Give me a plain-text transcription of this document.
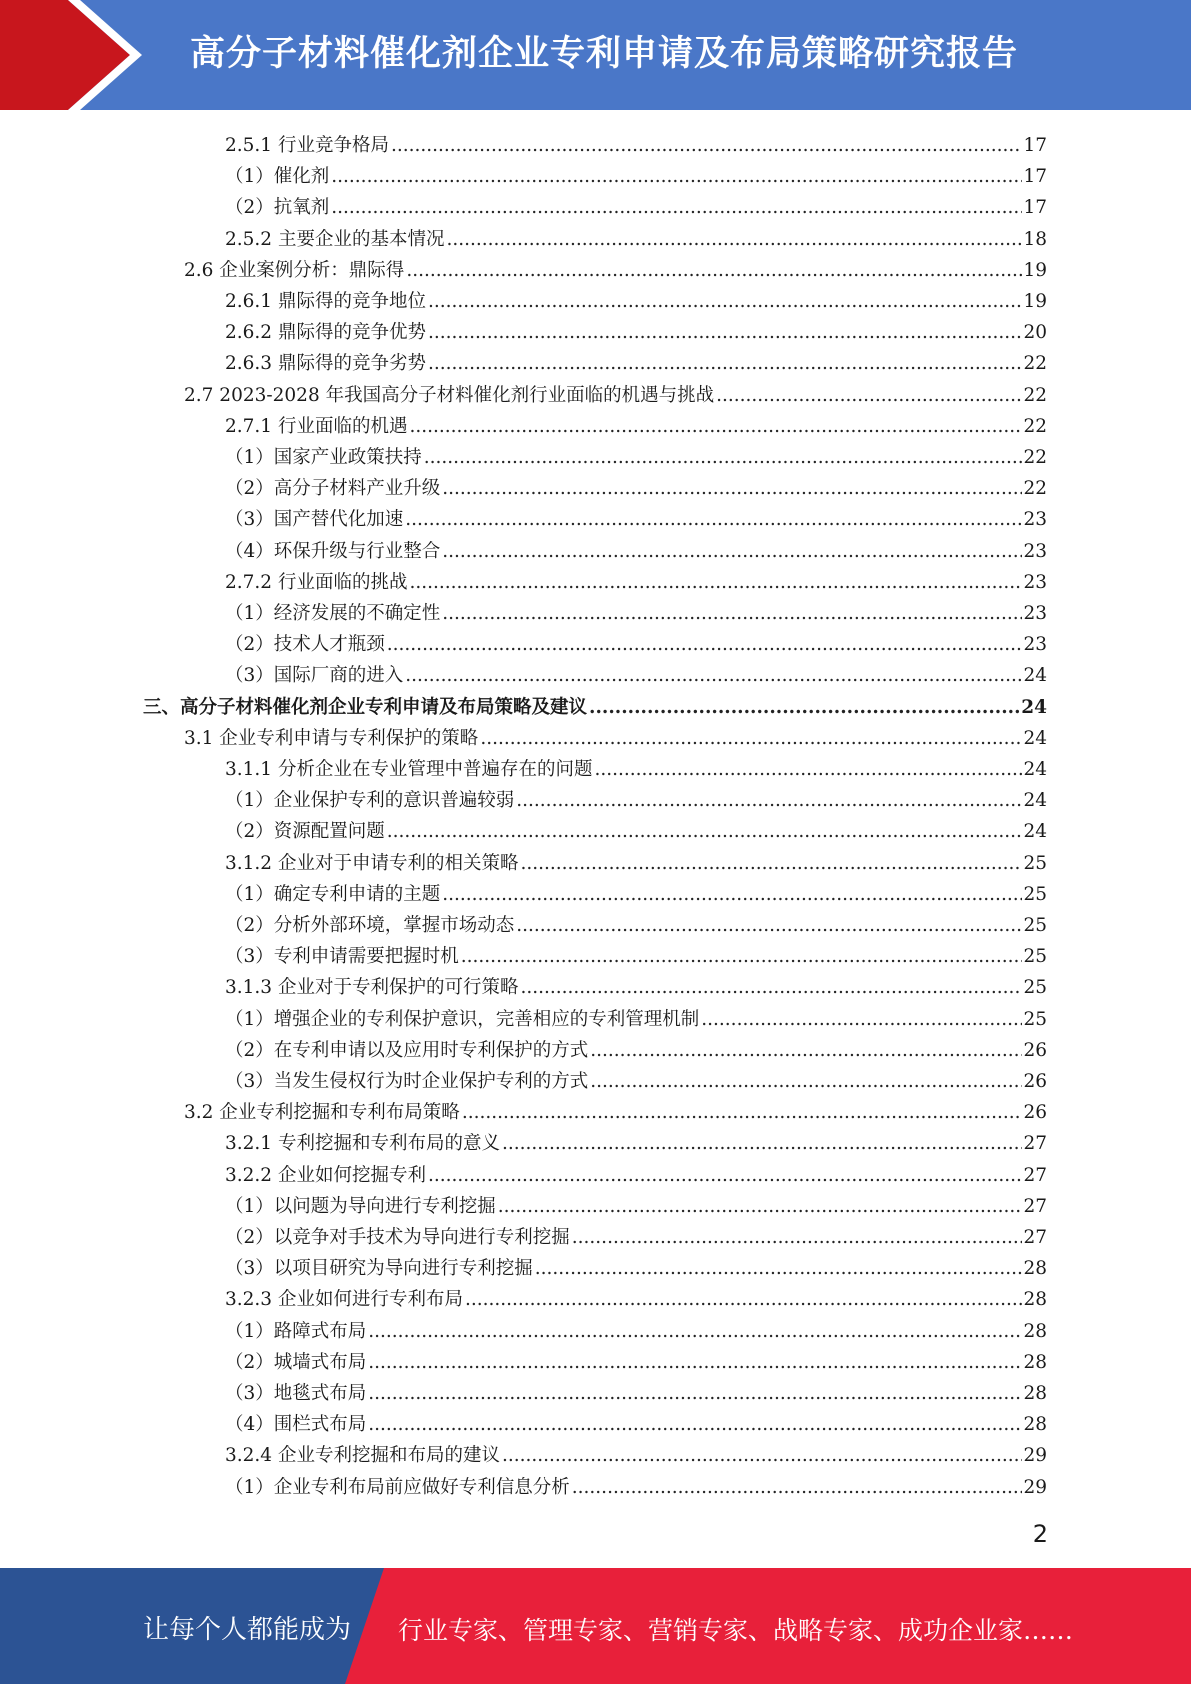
高分子材料催化剂企业专利申请及布局策略研究报告
2.5.1 行业竞争格局 .....	17
（1）催化剂 .....	17
（2）抗氧剂 .....	17
2.5.2 主要企业的基本情况 .....	18
2.6 企业案例分析：鼎际得 .....	19
2.6.1 鼎际得的竞争地位 .....	19
2.6.2 鼎际得的竞争优势 .....	20
2.6.3 鼎际得的竞争劣势 .....	22
2.7 2023-2028 年我国高分子材料催化剂行业面临的机遇与挑战 .....	22
2.7.1 行业面临的机遇 .....	22
（1）国家产业政策扶持 .....	22
（2）高分子材料产业升级 .....	22
（3）国产替代化加速 .....	23
（4）环保升级与行业整合 .....	23
2.7.2 行业面临的挑战 .....	23
（1）经济发展的不确定性 .....	23
（2）技术人才瓶颈 .....	23
（3）国际厂商的进入 .....	24
三、高分子材料催化剂企业专利申请及布局策略及建议 .....	24
3.1 企业专利申请与专利保护的策略 .....	24
3.1.1 分析企业在专业管理中普遍存在的问题 .....	24
（1）企业保护专利的意识普遍较弱 .....	24
（2）资源配置问题 .....	24
3.1.2 企业对于申请专利的相关策略 .....	25
（1）确定专利申请的主题 .....	25
（2）分析外部环境，掌握市场动态 .....	25
（3）专利申请需要把握时机 .....	25
3.1.3 企业对于专利保护的可行策略 .....	25
（1）增强企业的专利保护意识，完善相应的专利管理机制 .....	25
（2）在专利申请以及应用时专利保护的方式 .....	26
（3）当发生侵权行为时企业保护专利的方式 .....	26
3.2 企业专利挖掘和专利布局策略 .....	26
3.2.1 专利挖掘和专利布局的意义 .....	27
3.2.2 企业如何挖掘专利 .....	27
（1）以问题为导向进行专利挖掘 .....	27
（2）以竞争对手技术为导向进行专利挖掘 .....	27
（3）以项目研究为导向进行专利挖掘 .....	28
3.2.3 企业如何进行专利布局 .....	28
（1）路障式布局 .....	28
（2）城墙式布局 .....	28
（3）地毯式布局 .....	28
（4）围栏式布局 .....	28
3.2.4 企业专利挖掘和布局的建议 .....	29
（1）企业专利布局前应做好专利信息分析 .....	29
2
让每个人都能成为 行业专家、管理专家、营销专家、战略专家、成功企业家……
